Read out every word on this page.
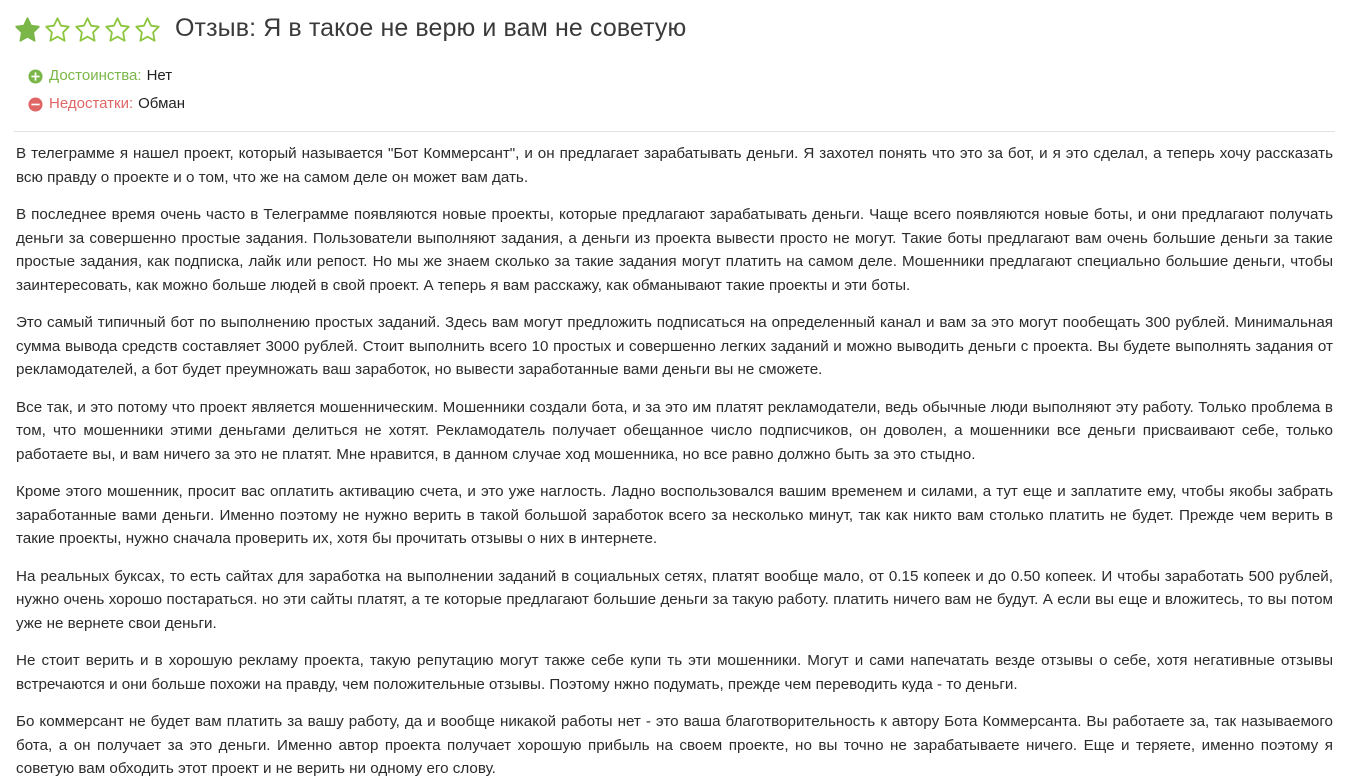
Отзыв: Я в такое не верю и вам не советую
Достоинства: Нет
Недостатки: Обман

В телеграмме я нашел проект, который называется "Бот Коммерсант", и он предлагает зарабатывать деньги. Я захотел понять что это за бот, и я это сделал, а теперь хочу рассказать всю правду о проекте и о том, что же на самом деле он может вам дать.

В последнее время очень часто в Телеграмме появляются новые проекты, которые предлагают зарабатывать деньги. Чаще всего появляются новые боты, и они предлагают получать деньги за совершенно простые задания. Пользователи выполняют задания, а деньги из проекта вывести просто не могут. Такие боты предлагают вам очень большие деньги за такие простые задания, как подписка, лайк или репост. Но мы же знаем сколько за такие задания могут платить на самом деле. Мошенники предлагают специально большие деньги, чтобы заинтересовать, как можно больше людей в свой проект. А теперь я вам расскажу, как обманывают такие проекты и эти боты.

Это самый типичный бот по выполнению простых заданий. Здесь вам могут предложить подписаться на определенный канал и вам за это могут пообещать 300 рублей. Минимальная сумма вывода средств составляет 3000 рублей. Стоит выполнить всего 10 простых и совершенно легких заданий и можно выводить деньги с проекта. Вы будете выполнять задания от рекламодателей, а бот будет преумножать ваш заработок, но вывести заработанные вами деньги вы не сможете.

Все так, и это потому что проект является мошенническим. Мошенники создали бота, и за это им платят рекламодатели, ведь обычные люди выполняют эту работу. Только проблема в том, что мошенники этими деньгами делиться не хотят. Рекламодатель получает обещанное число подписчиков, он доволен, а мошенники все деньги присваивают себе, только работаете вы, и вам ничего за это не платят. Мне нравится, в данном случае ход мошенника, но все равно должно быть за это стыдно.

Кроме этого мошенник, просит вас оплатить активацию счета, и это уже наглость. Ладно воспользовался вашим временем и силами, а тут еще и заплатите ему, чтобы якобы забрать заработанные вами деньги. Именно поэтому не нужно верить в такой большой заработок всего за несколько минут, так как никто вам столько платить не будет. Прежде чем верить в такие проекты, нужно сначала проверить их, хотя бы прочитать отзывы о них в интернете.

На реальных буксах, то есть сайтах для заработка на выполнении заданий в социальных сетях, платят вообще мало, от 0.15 копеек и до 0.50 копеек. И чтобы заработать 500 рублей, нужно очень хорошо постараться. но эти сайты платят, а те которые предлагают большие деньги за такую работу. платить ничего вам не будут. А если вы еще и вложитесь, то вы потом уже не вернете свои деньги.

Не стоит верить и в хорошую рекламу проекта, такую репутацию могут также себе купи ть эти мошенники. Могут и сами напечатать везде отзывы о себе, хотя негативные отзывы встречаются и они больше похожи на правду, чем положительные отзывы. Поэтому нжно подумать, прежде чем переводить куда - то деньги.

Бо коммерсант не будет вам платить за вашу работу, да и вообще никакой работы нет - это ваша благотворительность к автору Бота Коммерсанта. Вы работаете за, так называемого бота, а он получает за это деньги. Именно автор проекта получает хорошую прибыль на своем проекте, но вы точно не зарабатываете ничего. Еще и теряете, именно поэтому я советую вам обходить этот проект и не верить ни одному его слову.
